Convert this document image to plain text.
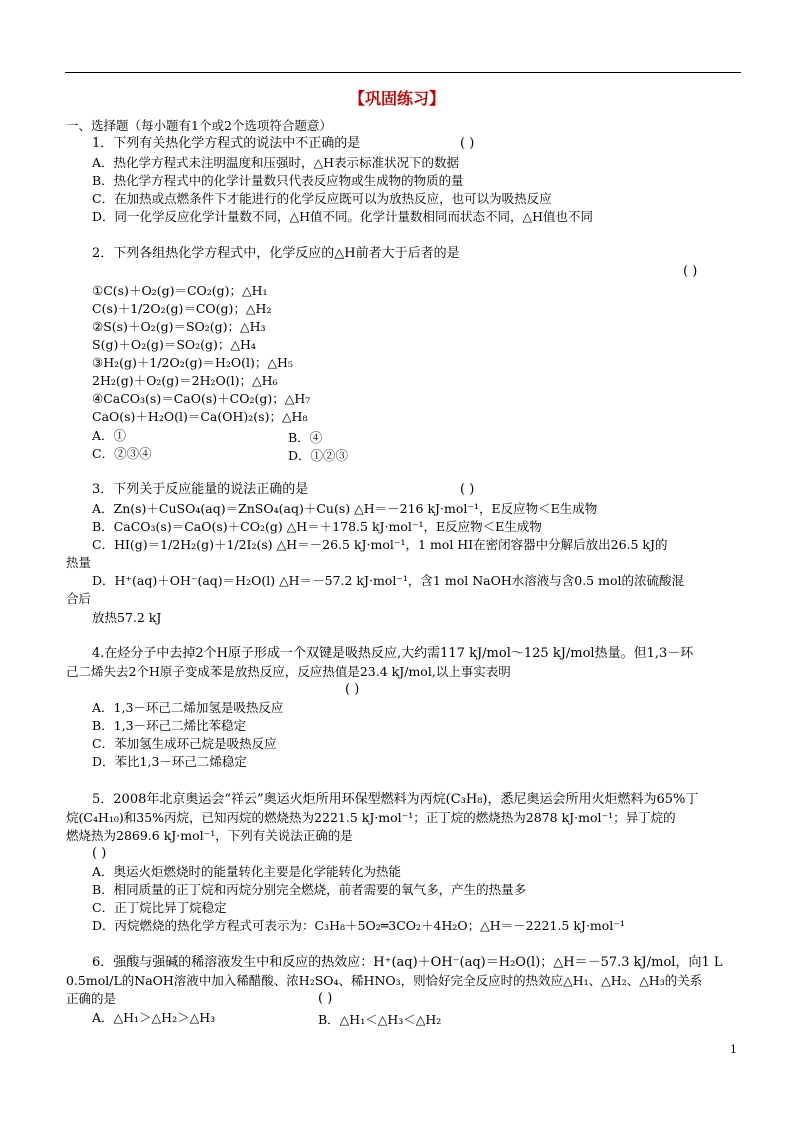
【巩固练习】
一、选择题（每小题有1个或2个选项符合题意）
1．下列有关热化学方程式的说法中不正确的是	( )
A．热化学方程式未注明温度和压强时，△H表示标准状况下的数据
B．热化学方程式中的化学计量数只代表反应物或生成物的物质的量
C．在加热或点燃条件下才能进行的化学反应既可以为放热反应，也可以为吸热反应
D．同一化学反应化学计量数不同，△H值不同。化学计量数相同而状态不同，△H值也不同
2．下列各组热化学方程式中，化学反应的△H前者大于后者的是
( )
①C(s)＋O₂(g)＝CO₂(g)；△H₁
C(s)＋1/2O₂(g)＝CO(g)；△H₂
②S(s)＋O₂(g)＝SO₂(g)；△H₃
S(g)＋O₂(g)＝SO₂(g)；△H₄
③H₂(g)＋1/2O₂(g)＝H₂O(l)；△H₅
2H₂(g)＋O₂(g)＝2H₂O(l)；△H₆
④CaCO₃(s)＝CaO(s)＋CO₂(g)；△H₇
CaO(s)＋H₂O(l)＝Ca(OH)₂(s)；△H₈
A．①	B．④
C．②③④	D．①②③
3．下列关于反应能量的说法正确的是	( )
A．Zn(s)＋CuSO₄(aq)＝ZnSO₄(aq)＋Cu(s) △H＝－216 kJ·mol⁻¹，E反应物＜E生成物
B．CaCO₃(s)＝CaO(s)＋CO₂(g) △H＝＋178.5 kJ·mol⁻¹，E反应物＜E生成物
C．HI(g)＝1/2H₂(g)＋1/2I₂(s) △H＝－26.5 kJ·mol⁻¹，1 mol HI在密闭容器中分解后放出26.5 kJ的
热量
D．H⁺(aq)＋OH⁻(aq)＝H₂O(l) △H＝－57.2 kJ·mol⁻¹，含1 mol NaOH水溶液与含0.5 mol的浓硫酸混
合后
放热57.2 kJ
4.在烃分子中去掉2个H原子形成一个双键是吸热反应,大约需117 kJ/mol～125 kJ/mol热量。但1,3－环
己二烯失去2个H原子变成苯是放热反应，反应热值是23.4 kJ/mol,以上事实表明
( )
A．1,3－环己二烯加氢是吸热反应
B．1,3－环己二烯比苯稳定
C．苯加氢生成环己烷是吸热反应
D．苯比1,3－环己二烯稳定
5．2008年北京奥运会“祥云”奥运火炬所用环保型燃料为丙烷(C₃H₈)，悉尼奥运会所用火炬燃料为65%丁
烷(C₄H₁₀)和35%丙烷，已知丙烷的燃烧热为2221.5 kJ·mol⁻¹；正丁烷的燃烧热为2878 kJ·mol⁻¹；异丁烷的
燃烧热为2869.6 kJ·mol⁻¹，下列有关说法正确的是
( )
A．奥运火炬燃烧时的能量转化主要是化学能转化为热能
B．相同质量的正丁烷和丙烷分别完全燃烧，前者需要的氧气多，产生的热量多
C．正丁烷比异丁烷稳定
D．丙烷燃烧的热化学方程式可表示为：C₃H₈＋5O₂═3CO₂＋4H₂O；△H＝－2221.5 kJ·mol⁻¹
6．强酸与强碱的稀溶液发生中和反应的热效应：H⁺(aq)＋OH⁻(aq)＝H₂O(l)；△H＝－57.3 kJ/mol，向1 L
0.5mol/L的NaOH溶液中加入稀醋酸、浓H₂SO₄、稀HNO₃，则恰好完全反应时的热效应△H₁、△H₂、△H₃的关系
正确的是	( )
A．△H₁＞△H₂＞△H₃	B．△H₁＜△H₃＜△H₂
1
